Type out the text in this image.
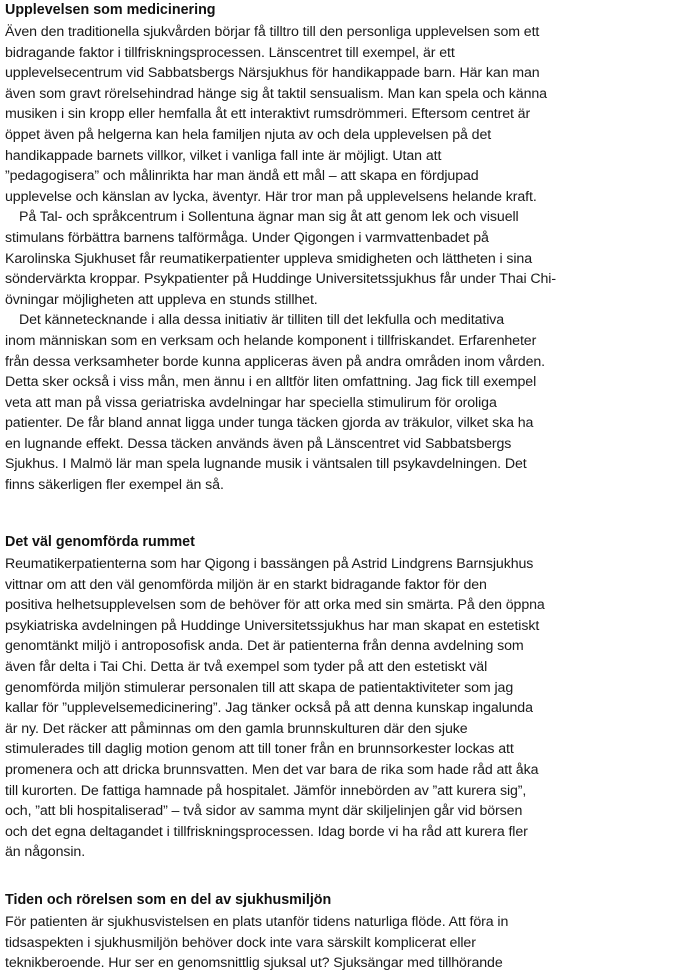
Upplevelsen som medicinering

Även den traditionella sjukvården börjar få tilltro till den personliga upplevelsen som ett
bidragande faktor i tillfriskningsprocessen. Länscentret till exempel, är ett
upplevelsecentrum vid Sabbatsbergs Närsjukhus för handikappade barn. Här kan man
även som gravt rörelsehindrad hänge sig åt taktil sensualism. Man kan spela och känna
musiken i sin kropp eller hemfalla åt ett interaktivt rumsdrömmeri. Eftersom centret är
öppet även på helgerna kan hela familjen njuta av och dela upplevelsen på det
handikappade barnets villkor, vilket i vanliga fall inte är möjligt. Utan att
”pedagogisera” och målinrikta har man ändå ett mål – att skapa en fördjupad
upplevelse och känslan av lycka, äventyr. Här tror man på upplevelsens helande kraft.

På Tal- och språkcentrum i Sollentuna ägnar man sig åt att genom lek och visuell
stimulans förbättra barnens talförmåga. Under Qigongen i varmvattenbadet på
Karolinska Sjukhuset får reumatikerpatienter uppleva smidigheten och lättheten i sina
söndervärkta kroppar. Psykpatienter på Huddinge Universitetssjukhus får under Thai Chi-
övningar möjligheten att uppleva en stunds stillhet.

Det kännetecknande i alla dessa initiativ är tilliten till det lekfulla och meditativa
inom människan som en verksam och helande komponent i tillfriskandet. Erfarenheter
från dessa verksamheter borde kunna appliceras även på andra områden inom vården.
Detta sker också i viss mån, men ännu i en alltför liten omfattning. Jag fick till exempel
veta att man på vissa geriatriska avdelningar har speciella stimulirum för oroliga
patienter. De får bland annat ligga under tunga täcken gjorda av träkulor, vilket ska ha
en lugnande effekt. Dessa täcken används även på Länscentret vid Sabbatsbergs
Sjukhus. I Malmö lär man spela lugnande musik i väntsalen till psykavdelningen. Det
finns säkerligen fler exempel än så.

Det väl genomförda rummet

Reumatikerpatienterna som har Qigong i bassängen på Astrid Lindgrens Barnsjukhus
vittnar om att den väl genomförda miljön är en starkt bidragande faktor för den
positiva helhetsupplevelsen som de behöver för att orka med sin smärta. På den öppna
psykiatriska avdelningen på Huddinge Universitetssjukhus har man skapat en estetiskt
genomtänkt miljö i antroposofisk anda. Det är patienterna från denna avdelning som
även får delta i Tai Chi. Detta är två exempel som tyder på att den estetiskt väl
genomförda miljön stimulerar personalen till att skapa de patientaktiviteter som jag
kallar för ”upplevelsemedicinering”. Jag tänker också på att denna kunskap ingalunda
är ny. Det räcker att påminnas om den gamla brunnskulturen där den sjuke
stimulerades till daglig motion genom att till toner från en brunnsorkester lockas att
promenera och att dricka brunnsvatten. Men det var bara de rika som hade råd att åka
till kurorten. De fattiga hamnade på hospitalet. Jämför innebörden av ”att kurera sig”,
och, ”att bli hospitaliserad” – två sidor av samma mynt där skiljelinjen går vid börsen
och det egna deltagandet i tillfriskningsprocessen. Idag borde vi ha råd att kurera fler
än någonsin.

Tiden och rörelsen som en del av sjukhusmiljön

För patienten är sjukhusvistelsen en plats utanför tidens naturliga flöde. Att föra in
tidsaspekten i sjukhusmiljön behöver dock inte vara särskilt komplicerat eller
teknikberoende. Hur ser en genomsnittlig sjuksal ut? Sjuksängar med tillhörande
